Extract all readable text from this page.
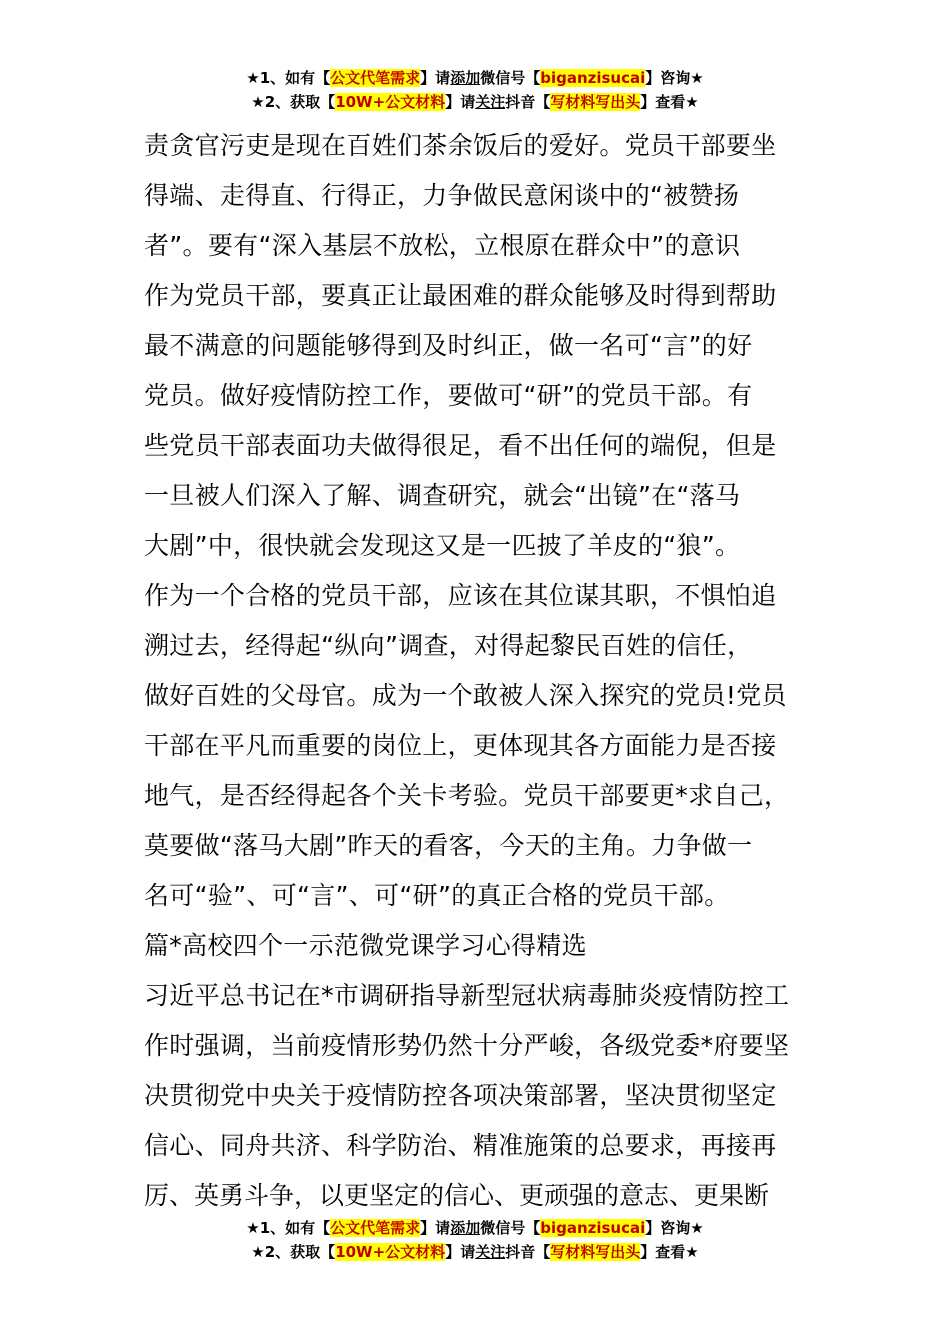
★1、如有【公文代笔需求】请添加微信号【biganzisucai】咨询★
★2、获取【10W+公文材料】请关注抖音【写材料写出头】查看★
责贪官污吏是现在百姓们茶余饭后的爱好。党员干部要坐
得端、走得直、行得正，力争做民意闲谈中的“被赞扬
者”。要有“深入基层不放松，立根原在群众中”的意识
作为党员干部，要真正让最困难的群众能够及时得到帮助
最不满意的问题能够得到及时纠正，做一名可“言”的好
党员。做好疫情防控工作，要做可“研”的党员干部。有
些党员干部表面功夫做得很足，看不出任何的端倪，但是
一旦被人们深入了解、调查研究，就会“出镜”在“落马
大剧”中，很快就会发现这又是一匹披了羊皮的“狼”。
作为一个合格的党员干部，应该在其位谋其职，不惧怕追
溯过去，经得起“纵向”调查，对得起黎民百姓的信任，
做好百姓的父母官。成为一个敢被人深入探究的党员!党员
干部在平凡而重要的岗位上，更体现其各方面能力是否接
地气，是否经得起各个关卡考验。党员干部要更*求自己，
莫要做“落马大剧”昨天的看客，今天的主角。力争做一
名可“验”、可“言”、可“研”的真正合格的党员干部。
篇*高校四个一示范微党课学习心得精选
习近平总书记在*市调研指导新型冠状病毒肺炎疫情防控工
作时强调，当前疫情形势仍然十分严峻，各级党委*府要坚
决贯彻党中央关于疫情防控各项决策部署，坚决贯彻坚定
信心、同舟共济、科学防治、精准施策的总要求，再接再
厉、英勇斗争，以更坚定的信心、更顽强的意志、更果断
★1、如有【公文代笔需求】请添加微信号【biganzisucai】咨询★
★2、获取【10W+公文材料】请关注抖音【写材料写出头】查看★
